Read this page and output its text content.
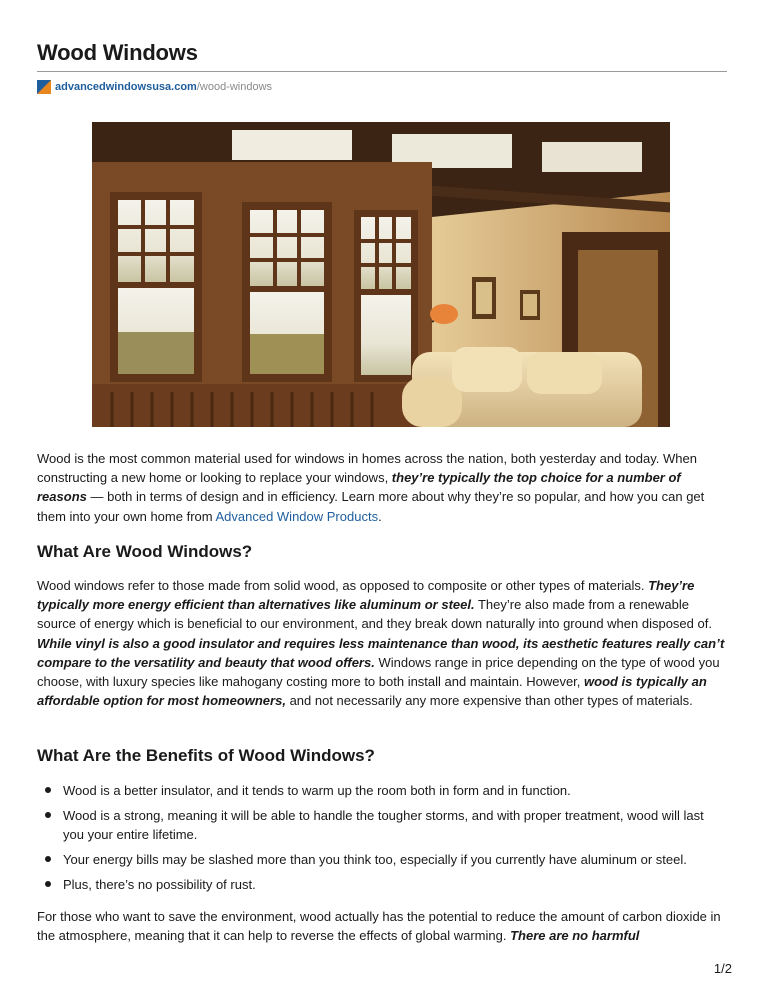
Wood Windows
advancedwindowsusa.com /wood-windows

Wood is the most common material used for windows in homes across the nation, both yesterday and today. When constructing a new home or looking to replace your windows, they’re typically the top choice for a number of reasons — both in terms of design and in efficiency. Learn more about why they’re so popular, and how you can get them into your own home from Advanced Window Products.

What Are Wood Windows?

Wood windows refer to those made from solid wood, as opposed to composite or other types of materials. They’re typically more energy efficient than alternatives like aluminum or steel. They’re also made from a renewable source of energy which is beneficial to our environment, and they break down naturally into ground when disposed of. While vinyl is also a good insulator and requires less maintenance than wood, its aesthetic features really can’t compare to the versatility and beauty that wood offers. Windows range in price depending on the type of wood you choose, with luxury species like mahogany costing more to both install and maintain. However, wood is typically an affordable option for most homeowners, and not necessarily any more expensive than other types of materials.

What Are the Benefits of Wood Windows?
Wood is a better insulator, and it tends to warm up the room both in form and in function.
Wood is a strong, meaning it will be able to handle the tougher storms, and with proper treatment, wood will last you your entire lifetime.
Your energy bills may be slashed more than you think too, especially if you currently have aluminum or steel.
Plus, there’s no possibility of rust.

For those who want to save the environment, wood actually has the potential to reduce the amount of carbon dioxide in the atmosphere, meaning that it can help to reverse the effects of global warming. There are no harmful

1/2
